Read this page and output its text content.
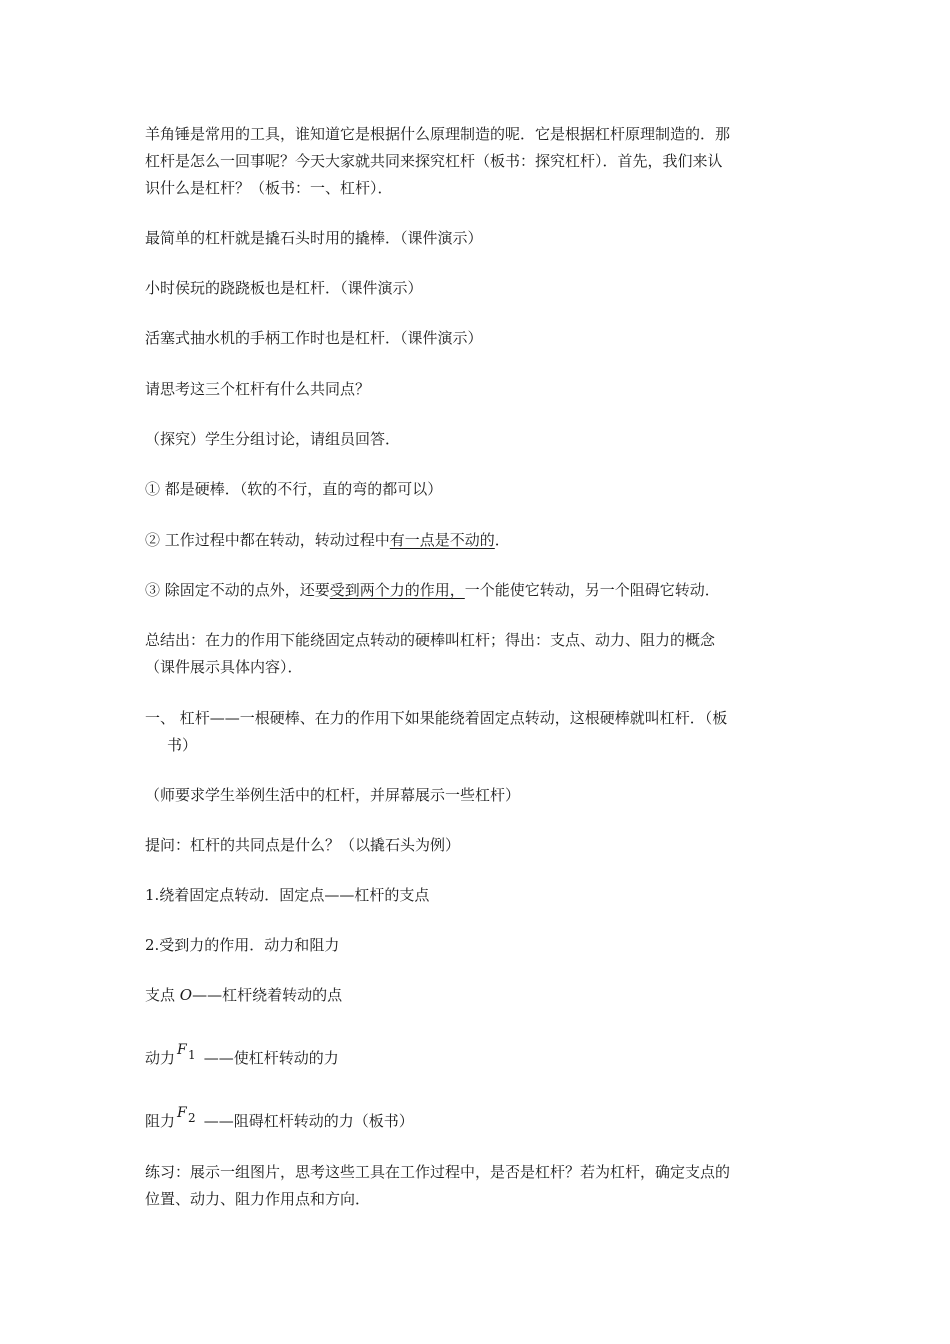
羊角锤是常用的工具，谁知道它是根据什么原理制造的呢．它是根据杠杆原理制造的．那
杠杆是怎么一回事呢？今天大家就共同来探究杠杆（板书：探究杠杆）．首先，我们来认
识什么是杠杆？（板书：一、杠杆）．
最简单的杠杆就是撬石头时用的撬棒．（课件演示）
小时侯玩的跷跷板也是杠杆．（课件演示）
活塞式抽水机的手柄工作时也是杠杆．（课件演示）
请思考这三个杠杆有什么共同点？
（探究）学生分组讨论，请组员回答．
① 都是硬棒．（软的不行，直的弯的都可以）
② 工作过程中都在转动，转动过程中有一点是不动的．
③ 除固定不动的点外，还要受到两个力的作用，一个能使它转动，另一个阻碍它转动．
总结出：在力的作用下能绕固定点转动的硬棒叫杠杆；得出：支点、动力、阻力的概念
（课件展示具体内容）．
一、 杠杆——一根硬棒、在力的作用下如果能绕着固定点转动，这根硬棒就叫杠杆．（板
书）
（师要求学生举例生活中的杠杆，并屏幕展示一些杠杆）
提问：杠杆的共同点是什么？（以撬石头为例）
1.绕着固定点转动．固定点——杠杆的支点
2.受到力的作用．动力和阻力
支点 O——杠杆绕着转动的点
动力 F 1 ——使杠杆转动的力
阻力 F 2 ——阻碍杠杆转动的力（板书）
练习：展示一组图片，思考这些工具在工作过程中，是否是杠杆？若为杠杆，确定支点的
位置、动力、阻力作用点和方向．
